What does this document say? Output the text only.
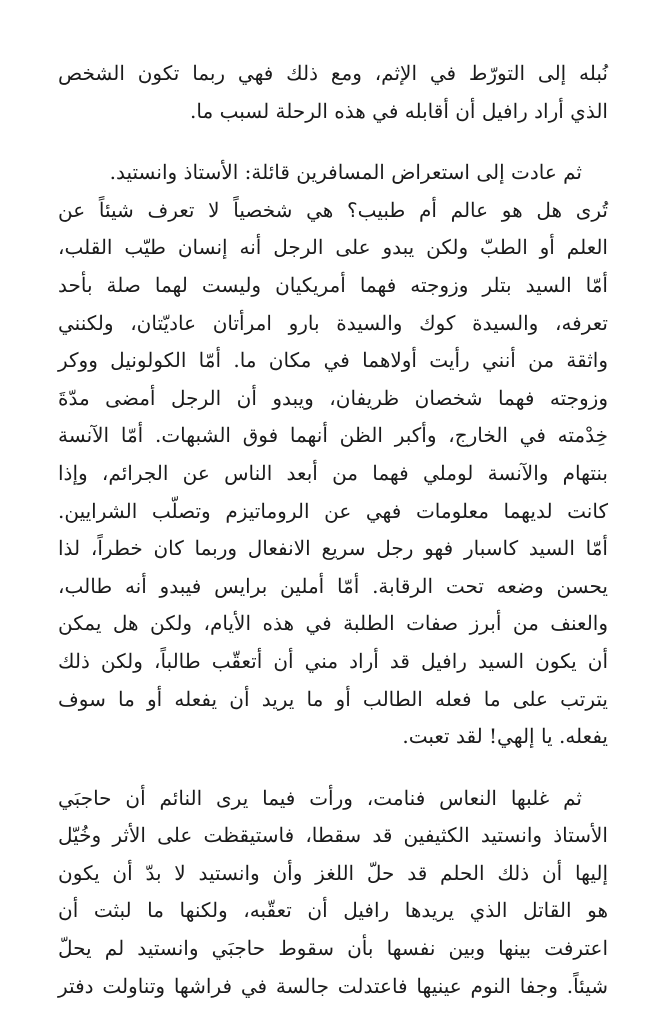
نُبله إلى التورّط في الإثم، ومع ذلك فهي ربما تكون الشخص
الذي أراد رافيل أن أقابله في هذه الرحلة لسبب ما.
ثم عادت إلى استعراض المسافرين قائلة: الأستاذ وانستيد.
تُرى هل هو عالم أم طبيب؟ هي شخصياً لا تعرف شيئاً عن
العلم أو الطبّ ولكن يبدو على الرجل أنه إنسان طيّب القلب،
أمّا السيد بتلر وزوجته فهما أمريكيان وليست لهما صلة بأحد
تعرفه، والسيدة كوك والسيدة بارو امرأتان عاديّتان، ولكنني
واثقة من أنني رأيت أولاهما في مكان ما. أمّا الكولونيل ووكر
وزوجته فهما شخصان ظريفان، ويبدو أن الرجل أمضى مدّةَ
خِدْمته في الخارج، وأكبر الظن أنهما فوق الشبهات. أمّا الآنسة
بنتهام والآنسة لوملي فهما من أبعد الناس عن الجرائم، وإذا
كانت لديهما معلومات فهي عن الروماتيزم وتصلّب الشرايين.
أمّا السيد كاسبار فهو رجل سريع الانفعال وربما كان خطراً، لذا
يحسن وضعه تحت الرقابة. أمّا أملين برايس فيبدو أنه طالب،
والعنف من أبرز صفات الطلبة في هذه الأيام، ولكن هل يمكن
أن يكون السيد رافيل قد أراد مني أن أتعقّب طالباً، ولكن ذلك
يترتب على ما فعله الطالب أو ما يريد أن يفعله أو ما سوف
يفعله. يا إلهي! لقد تعبت.
ثم غلبها النعاس فنامت، ورأت فيما يرى النائم أن حاجبَي
الأستاذ وانستيد الكثيفين قد سقطا، فاستيقظت على الأثر وخُيّل
إليها أن ذلك الحلم قد حلّ اللغز وأن وانستيد لا بدّ أن يكون
هو القاتل الذي يريدها رافيل أن تعقّبه، ولكنها ما لبثت أن
اعترفت بينها وبين نفسها بأن سقوط حاجبَي وانستيد لم يحلّ
شيئاً. وجفا النوم عينيها فاعتدلت جالسة في فراشها وتناولت دفتر
